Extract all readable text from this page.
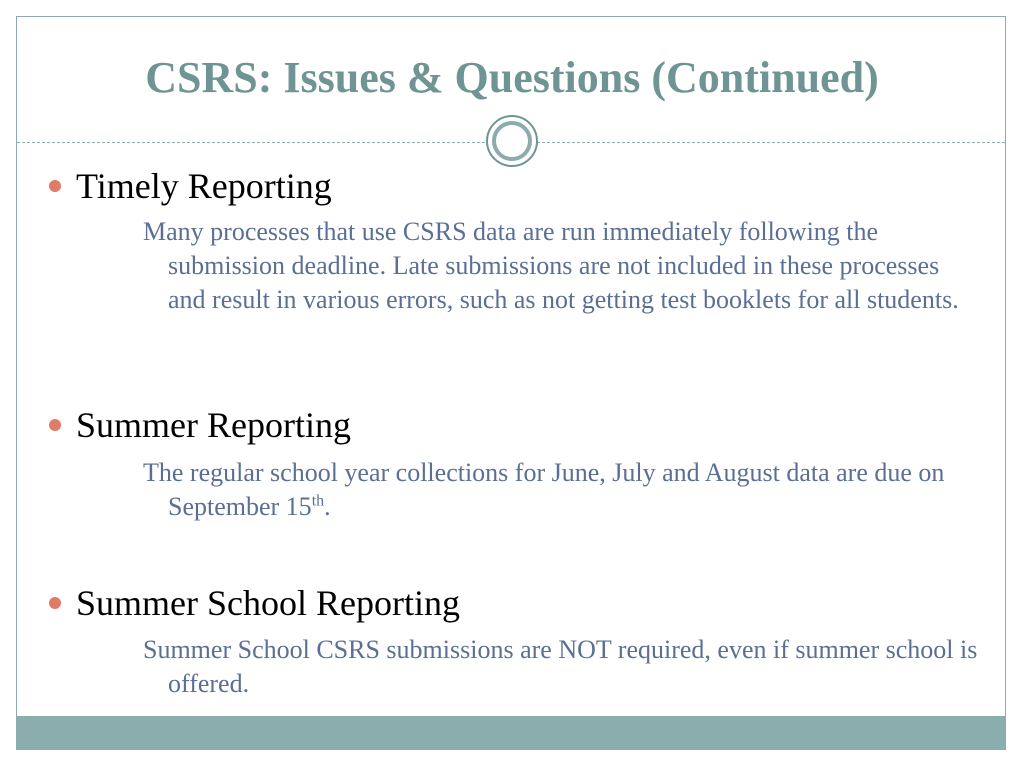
CSRS: Issues & Questions (Continued)
Timely Reporting

Many processes that use CSRS data are run immediately following the submission deadline. Late submissions are not included in these processes and result in various errors, such as not getting test booklets for all students.

Summer Reporting

The regular school year collections for June, July and August data are due on September 15th.

Summer School Reporting

Summer School CSRS submissions are NOT required, even if summer school is offered.
